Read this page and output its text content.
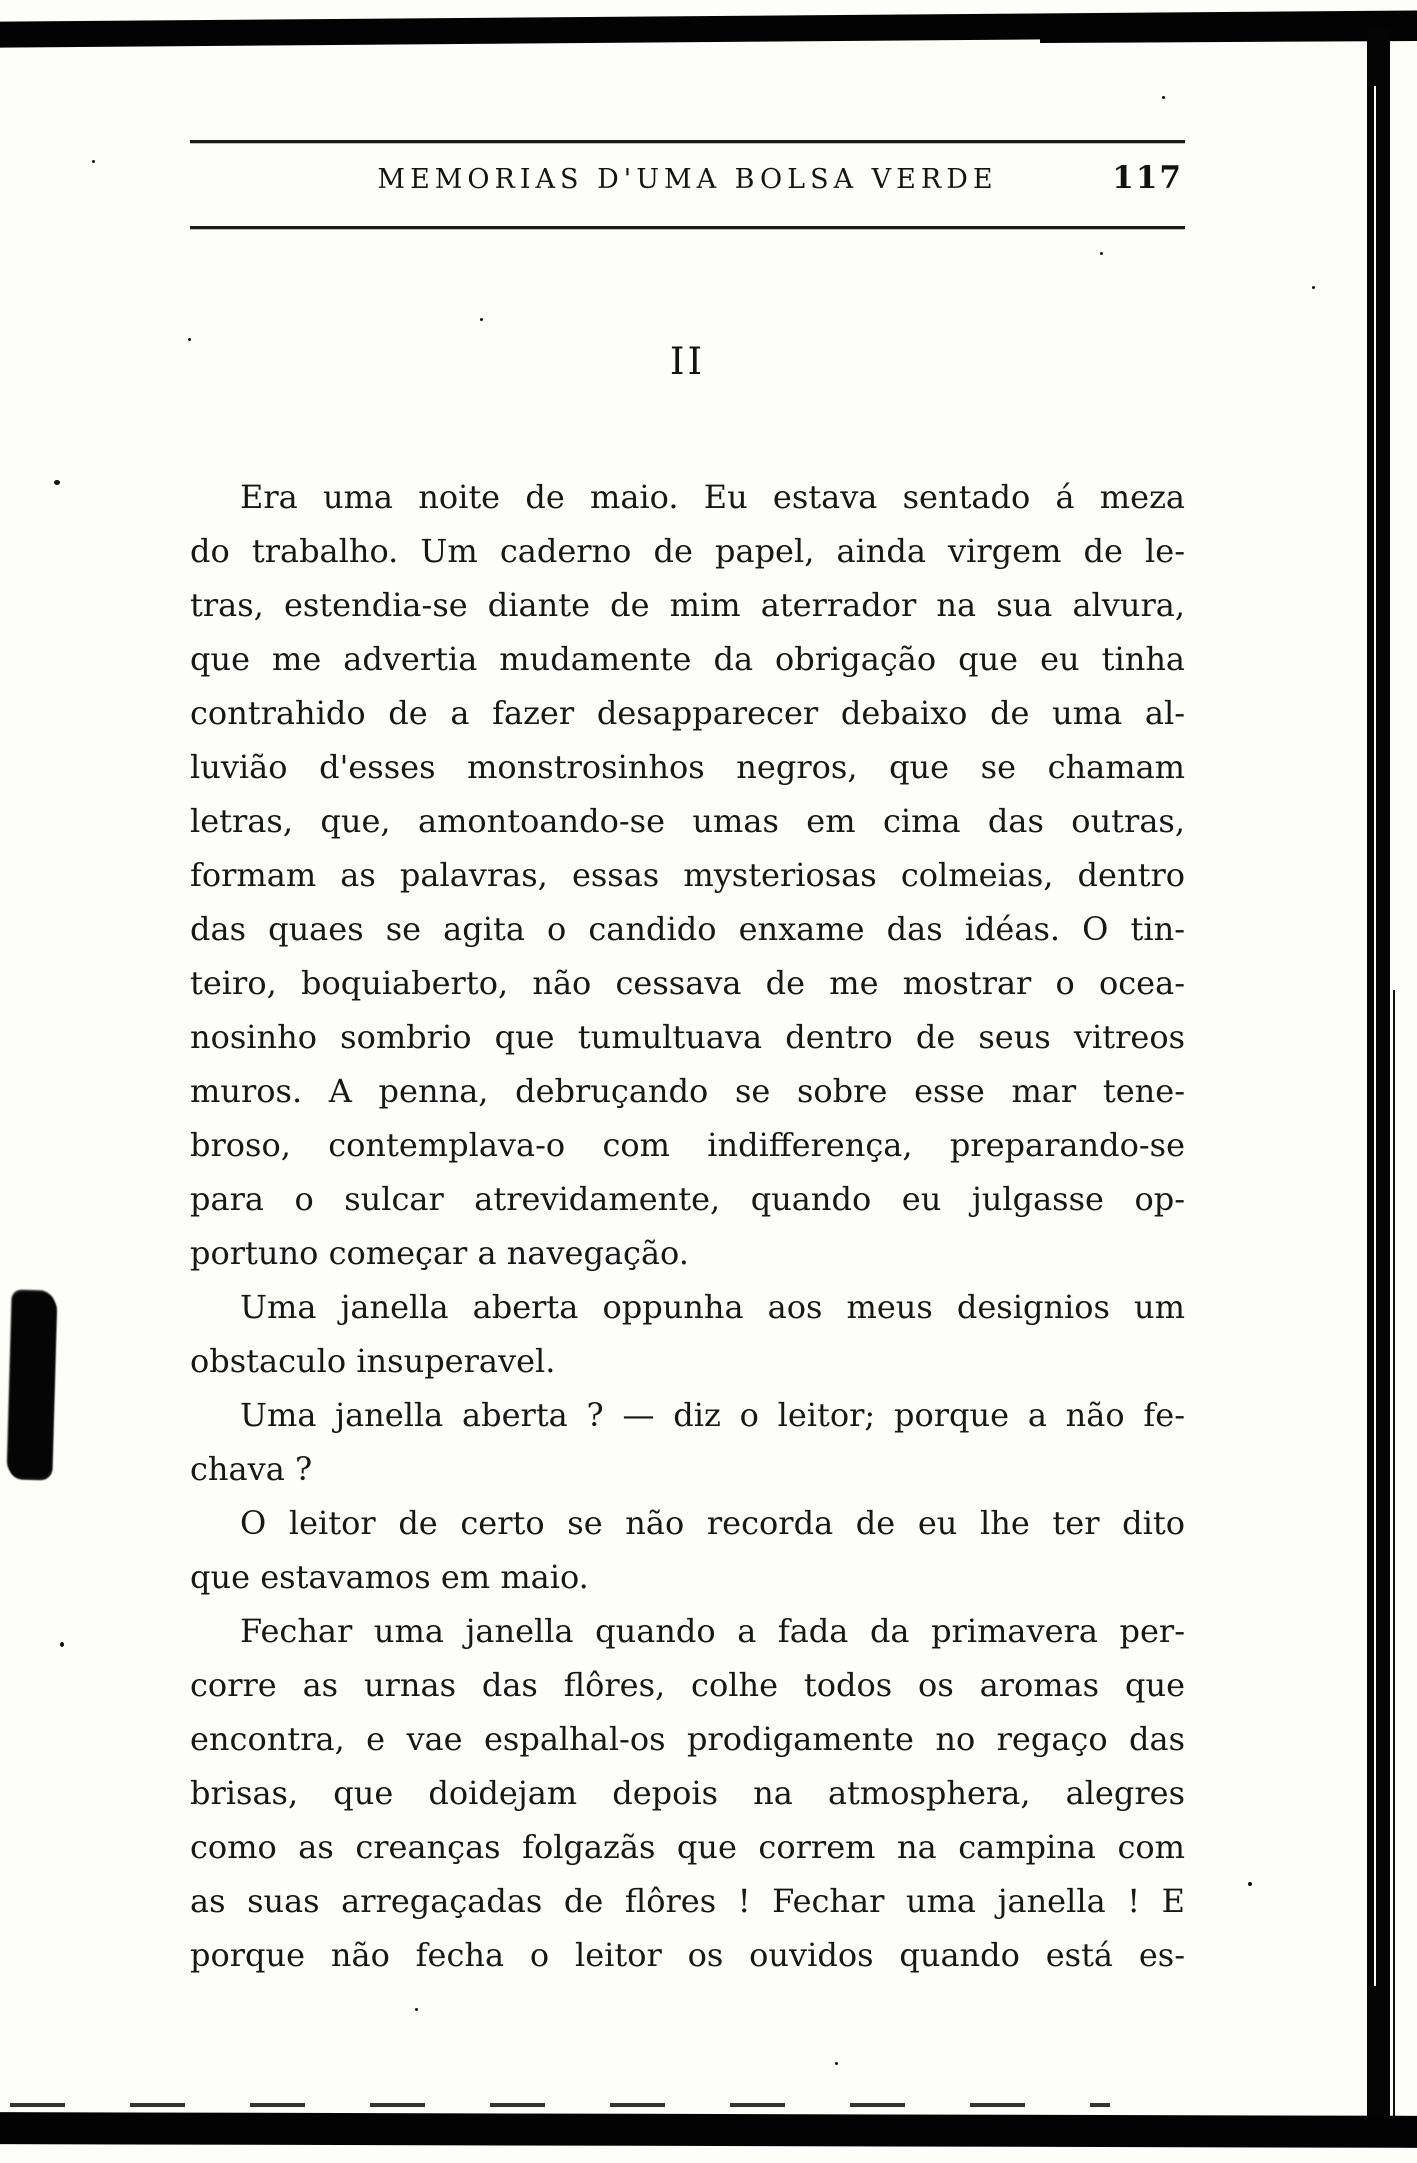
MEMORIAS D'UMA BOLSA VERDE	117
II
Era uma noite de maio. Eu estava sentado á meza
do trabalho. Um caderno de papel, ainda virgem de le-
tras, estendia-se diante de mim aterrador na sua alvura,
que me advertia mudamente da obrigação que eu tinha
contrahido de a fazer desapparecer debaixo de uma al-
luvião d'esses monstrosinhos negros, que se chamam
letras, que, amontoando-se umas em cima das outras,
formam as palavras, essas mysteriosas colmeias, dentro
das quaes se agita o candido enxame das idéas. O tin-
teiro, boquiaberto, não cessava de me mostrar o ocea-
nosinho sombrio que tumultuava dentro de seus vitreos
muros. A penna, debruçando se sobre esse mar tene-
broso, contemplava-o com indifferença, preparando-se
para o sulcar atrevidamente, quando eu julgasse op-
portuno começar a navegação.
Uma janella aberta oppunha aos meus designios um
obstaculo insuperavel.
Uma janella aberta ? — diz o leitor; porque a não fe-
chava ?
O leitor de certo se não recorda de eu lhe ter dito
que estavamos em maio.
Fechar uma janella quando a fada da primavera per-
corre as urnas das flôres, colhe todos os aromas que
encontra, e vae espalhal-os prodigamente no regaço das
brisas, que doidejam depois na atmosphera, alegres
como as creanças folgazãs que correm na campina com
as suas arregaçadas de flôres ! Fechar uma janella ! E
porque não fecha o leitor os ouvidos quando está es-
